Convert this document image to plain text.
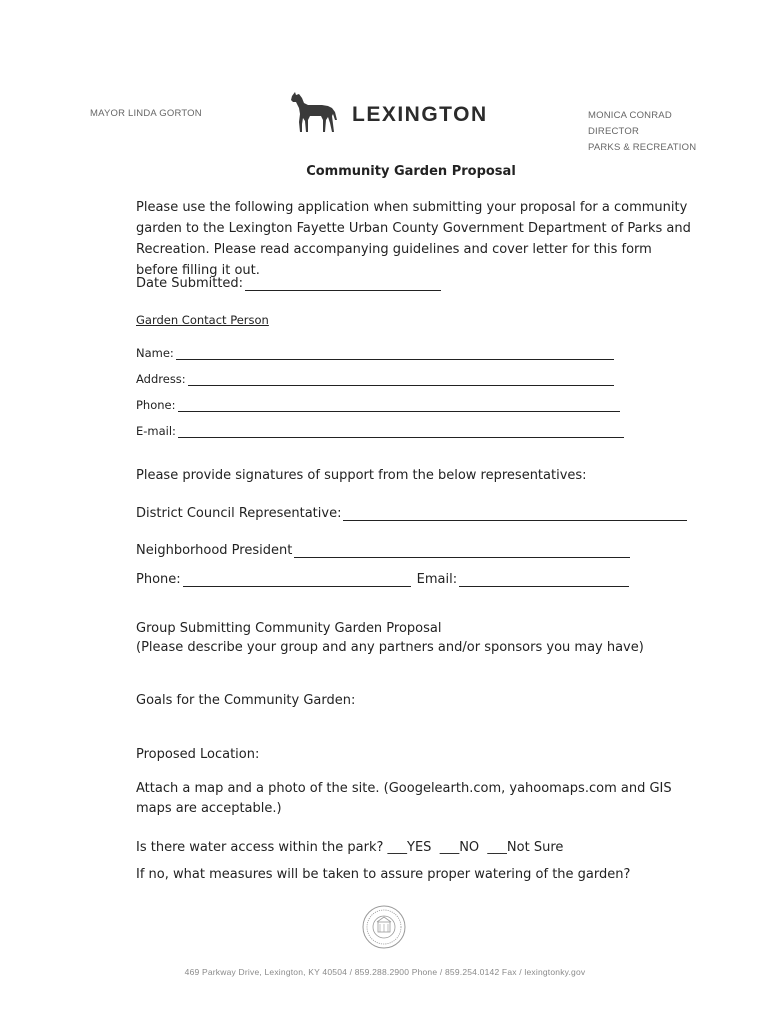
MAYOR LINDA GORTON	LEXINGTON	MONICA CONRAD
DIRECTOR
PARKS & RECREATION
Community Garden Proposal
Please use the following application when submitting your proposal for a community garden to the Lexington Fayette Urban County Government Department of Parks and Recreation. Please read accompanying guidelines and cover letter for this form before filling it out.
Date Submitted:
Garden Contact Person
Name:
Address:
Phone:
E-mail:
Please provide signatures of support from the below representatives:
District Council Representative:
Neighborhood President
Phone:	Email:
Group Submitting Community Garden Proposal
(Please describe your group and any partners and/or sponsors you may have)
Goals for the Community Garden:
Proposed Location:
Attach a map and a photo of the site. (Googelearth.com, yahoomaps.com and GIS maps are acceptable.)
Is there water access within the park? ___YES  ___NO  ___Not Sure
If no, what measures will be taken to assure proper watering of the garden?
469 Parkway Drive, Lexington, KY 40504 / 859.288.2900 Phone / 859.254.0142 Fax / lexingtonky.gov
